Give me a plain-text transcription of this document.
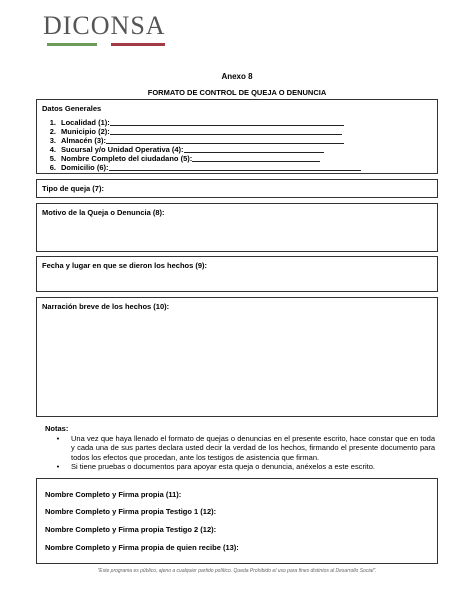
DICONSA
Anexo 8
FORMATO DE CONTROL DE QUEJA O DENUNCIA
Datos Generales
1. Localidad (1):
2. Municipio (2):
3. Almacén (3):
4. Sucursal y/o Unidad Operativa (4):
5. Nombre Completo del ciudadano (5):
6. Domicilio (6):
Tipo de queja (7):
Motivo de la Queja o Denuncia (8):
Fecha y lugar en que se dieron los hechos (9):
Narración breve de los hechos (10):
Notas:
•	Una vez que haya llenado el formato de quejas o denuncias en el presente escrito, hace constar que en toda y cada una de sus partes declara usted decir la verdad de los hechos, firmando el presente documento para todos los efectos que procedan, ante los testigos de asistencia que firman.
•	Si tiene pruebas o documentos para apoyar esta queja o denuncia, anéxelos a este escrito.
Nombre Completo y Firma propia (11):
Nombre Completo y Firma propia Testigo 1 (12):
Nombre Completo y Firma propia Testigo 2 (12):
Nombre Completo y Firma propia de quien recibe (13):
"Este programa es público, ajeno a cualquier partido político. Queda Prohibido el uso para fines distintos al Desarrollo Social".
